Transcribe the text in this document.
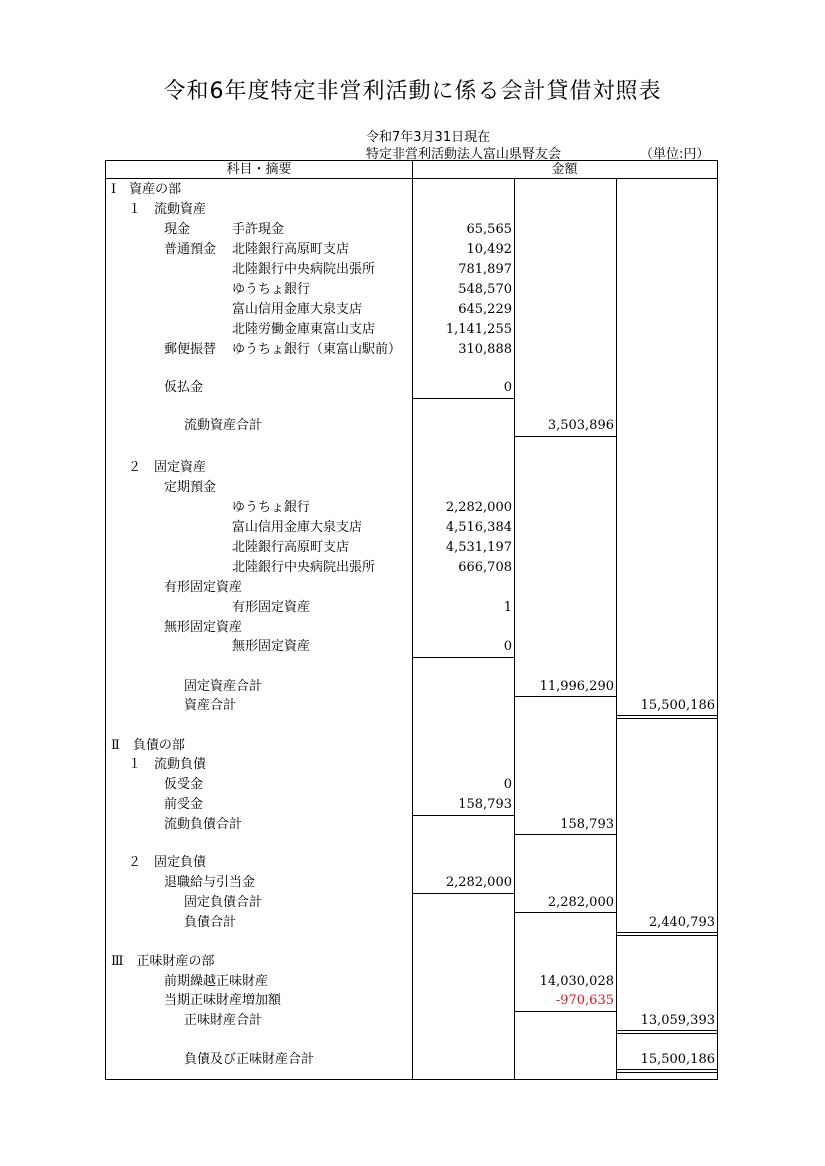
令和6年度特定非営利活動に係る会計貸借対照表
令和7年3月31日現在
特定非営利活動法人富山県腎友会	（単位:円）
科目・摘要	金額
Ⅰ　資産の部
１　流動資産
現金	手許現金	65,565
普通預金 北陸銀行高原町支店	10,492
北陸銀行中央病院出張所	781,897
ゆうちょ銀行	548,570
富山信用金庫大泉支店	645,229
北陸労働金庫東富山支店	1,141,255
郵便振替 ゆうちょ銀行（東富山駅前）	310,888
仮払金	0
流動資産合計	3,503,896
２　固定資産
定期預金
ゆうちょ銀行	2,282,000
富山信用金庫大泉支店	4,516,384
北陸銀行高原町支店	4,531,197
北陸銀行中央病院出張所	666,708
有形固定資産
有形固定資産	1
無形固定資産
無形固定資産	0
固定資産合計	11,996,290
資産合計	15,500,186
Ⅱ　負債の部
１　流動負債
仮受金	0
前受金	158,793
流動負債合計	158,793
２　固定負債
退職給与引当金	2,282,000
固定負債合計	2,282,000
負債合計	2,440,793
Ⅲ　正味財産の部
前期繰越正味財産	14,030,028
当期正味財産増加額	-970,635
正味財産合計	13,059,393
負債及び正味財産合計	15,500,186
